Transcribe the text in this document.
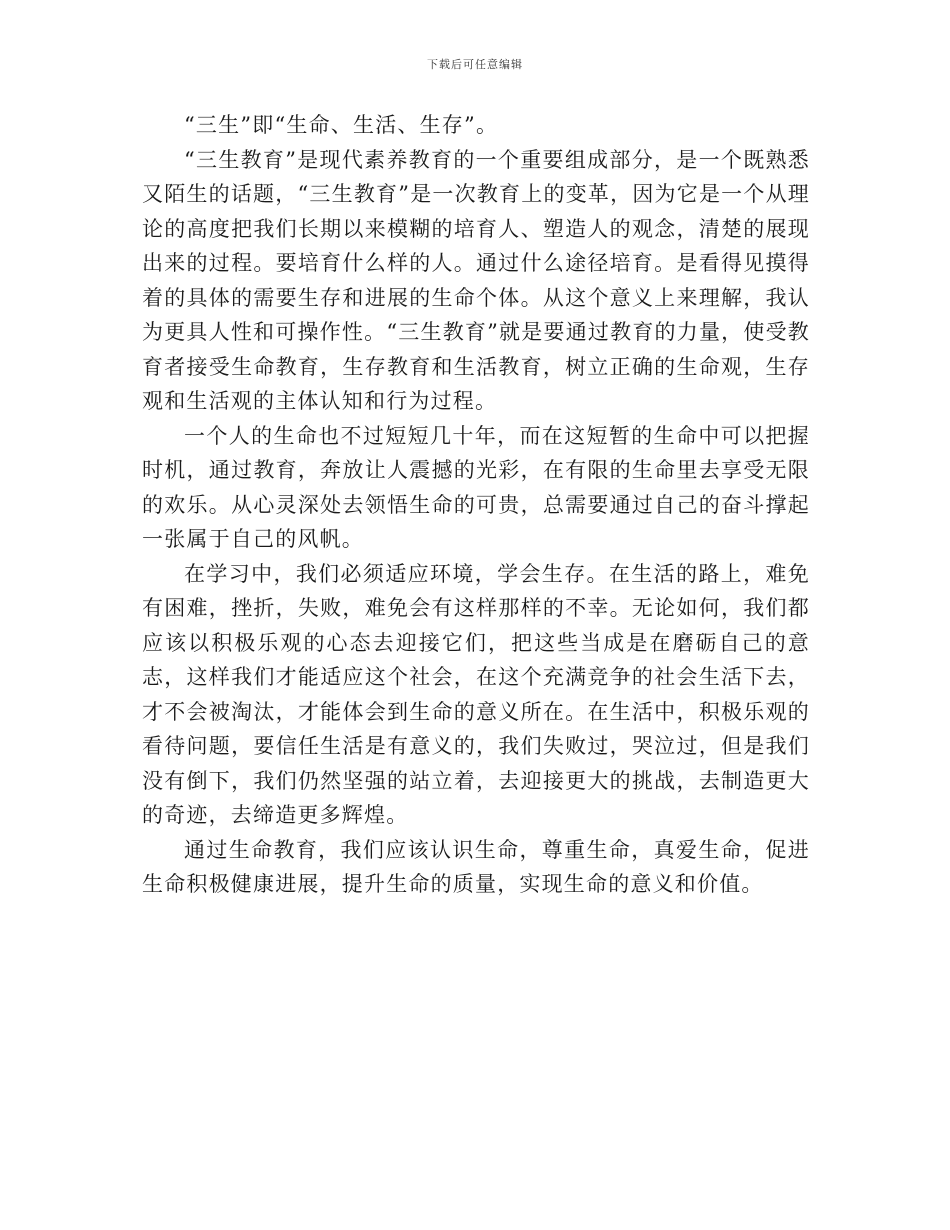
下载后可任意编辑

“三生”即“生命、生活、生存”。

“三生教育”是现代素养教育的一个重要组成部分，是一个既熟悉又陌生的话题，“三生教育”是一次教育上的变革，因为它是一个从理论的高度把我们长期以来模糊的培育人、塑造人的观念，清楚的展现出来的过程。要培育什么样的人。通过什么途径培育。是看得见摸得着的具体的需要生存和进展的生命个体。从这个意义上来理解，我认为更具人性和可操作性。“三生教育”就是要通过教育的力量，使受教育者接受生命教育，生存教育和生活教育，树立正确的生命观，生存观和生活观的主体认知和行为过程。

一个人的生命也不过短短几十年，而在这短暂的生命中可以把握时机，通过教育，奔放让人震撼的光彩，在有限的生命里去享受无限的欢乐。从心灵深处去领悟生命的可贵，总需要通过自己的奋斗撑起一张属于自己的风帆。

在学习中，我们必须适应环境，学会生存。在生活的路上，难免有困难，挫折，失败，难免会有这样那样的不幸。无论如何，我们都应该以积极乐观的心态去迎接它们，把这些当成是在磨砺自己的意志，这样我们才能适应这个社会，在这个充满竞争的社会生活下去，才不会被淘汰，才能体会到生命的意义所在。在生活中，积极乐观的看待问题，要信任生活是有意义的，我们失败过，哭泣过，但是我们没有倒下，我们仍然坚强的站立着，去迎接更大的挑战，去制造更大的奇迹，去缔造更多辉煌。

通过生命教育，我们应该认识生命，尊重生命，真爱生命，促进生命积极健康进展，提升生命的质量，实现生命的意义和价值。
